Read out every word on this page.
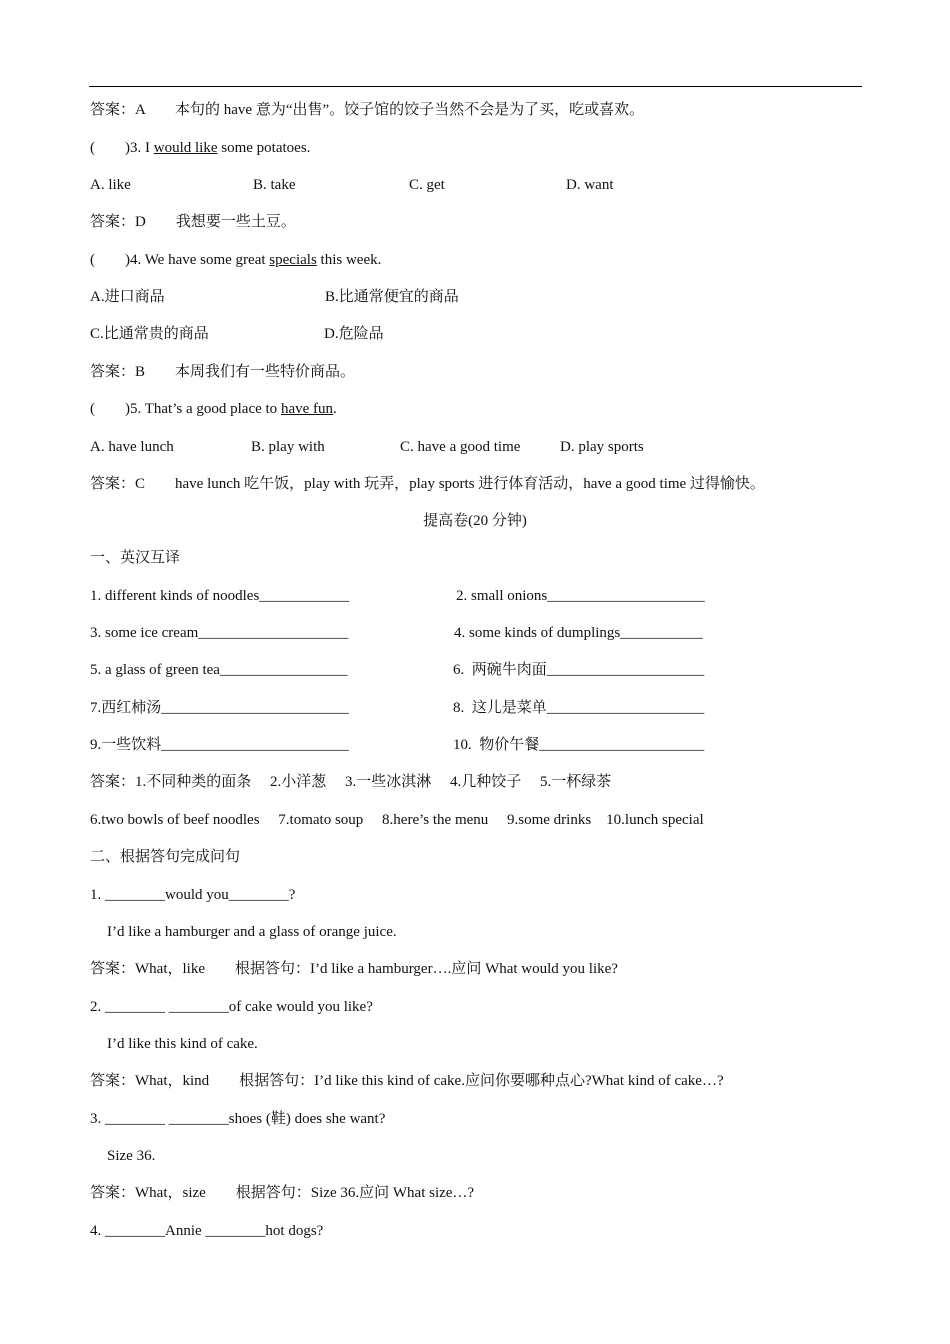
答案：A　　本句的 have 意为“出售”。饺子馆的饺子当然不会是为了买，吃或喜欢。
(　　)3. I would like some potatoes.
A. like	B. take	C. get	D. want
答案：D　　我想要一些土豆。
(　　)4. We have some great specials this week.
A.进口商品	B.比通常便宜的商品
C.比通常贵的商品	D.危险品
答案：B　　本周我们有一些特价商品。
(　　)5. That’s a good place to have fun.
A. have lunch	B. play with	C. have a good time	D. play sports
答案：C　　have lunch 吃午饭，play with 玩弄，play sports 进行体育活动，have a good time 过得愉快。
提高卷(20 分钟)
一、英汉互译
1. different kinds of noodles____________	2. small onions_____________________
3. some ice cream____________________	4. some kinds of dumplings___________
5. a glass of green tea_________________	6.  两碗牛肉面_____________________
7.西红柿汤_________________________	8.  这儿是菜单_____________________
9.一些饮料_________________________	10.  物价午餐______________________
答案：1.不同种类的面条　 2.小洋葱　 3.一些冰淇淋　 4.几种饺子　 5.一杯绿茶
6.two bowls of beef noodles　 7.tomato soup　 8.here’s the menu　 9.some drinks　10.lunch special
二、根据答句完成问句
1. ________would you________?
I’d like a hamburger and a glass of orange juice.
答案：What，like　　根据答句：I’d like a hamburger….应问 What would you like?
2. ________ ________of cake would you like?
I’d like this kind of cake.
答案：What，kind　　根据答句：I’d like this kind of cake.应问你要哪种点心?What kind of cake…?
3. ________ ________shoes (鞋) does she want?
Size 36.
答案：What，size　　根据答句：Size 36.应问 What size…?
4. ________Annie ________hot dogs?
